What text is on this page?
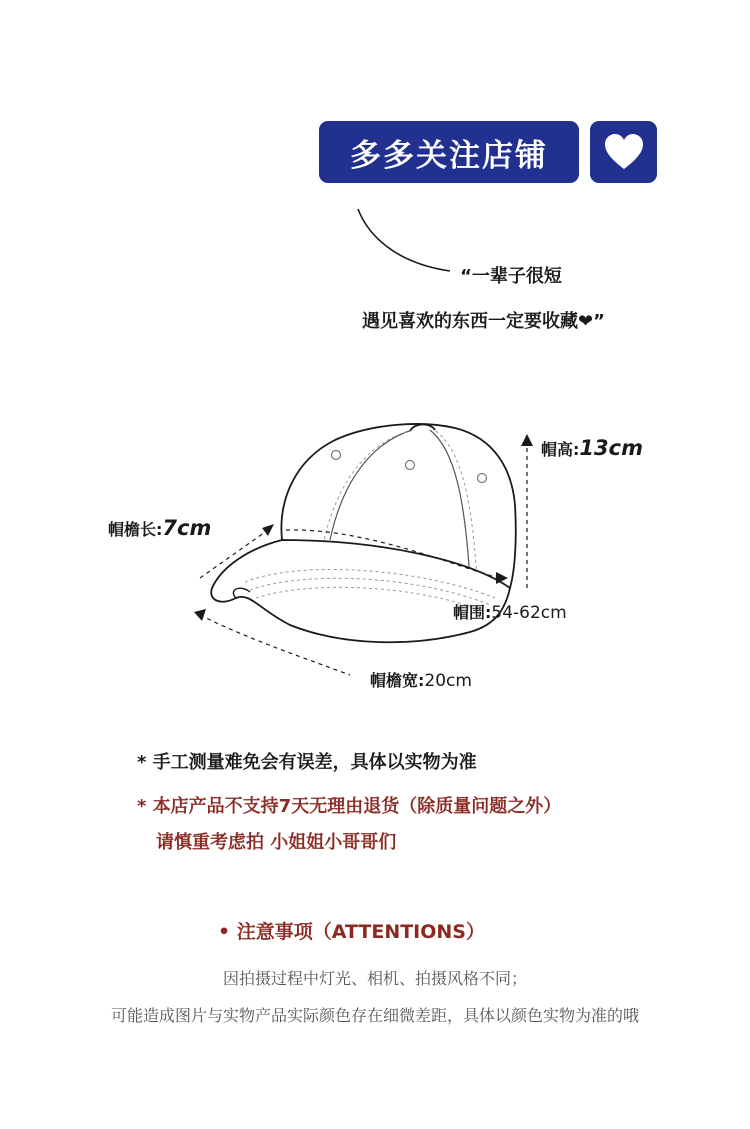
多多关注店铺
“一辈子很短
遇见喜欢的东西一定要收藏❤”
帽高:13cm
帽檐长:7cm
帽围:54-62cm
帽檐宽:20cm
* 手工测量难免会有误差，具体以实物为准
* 本店产品不支持7天无理由退货（除质量问题之外）
请慎重考虑拍 小姐姐小哥哥们
• 注意事项（ATTENTIONS）
因拍摄过程中灯光、相机、拍摄风格不同；
可能造成图片与实物产品实际颜色存在细微差距，具体以颜色实物为准的哦
